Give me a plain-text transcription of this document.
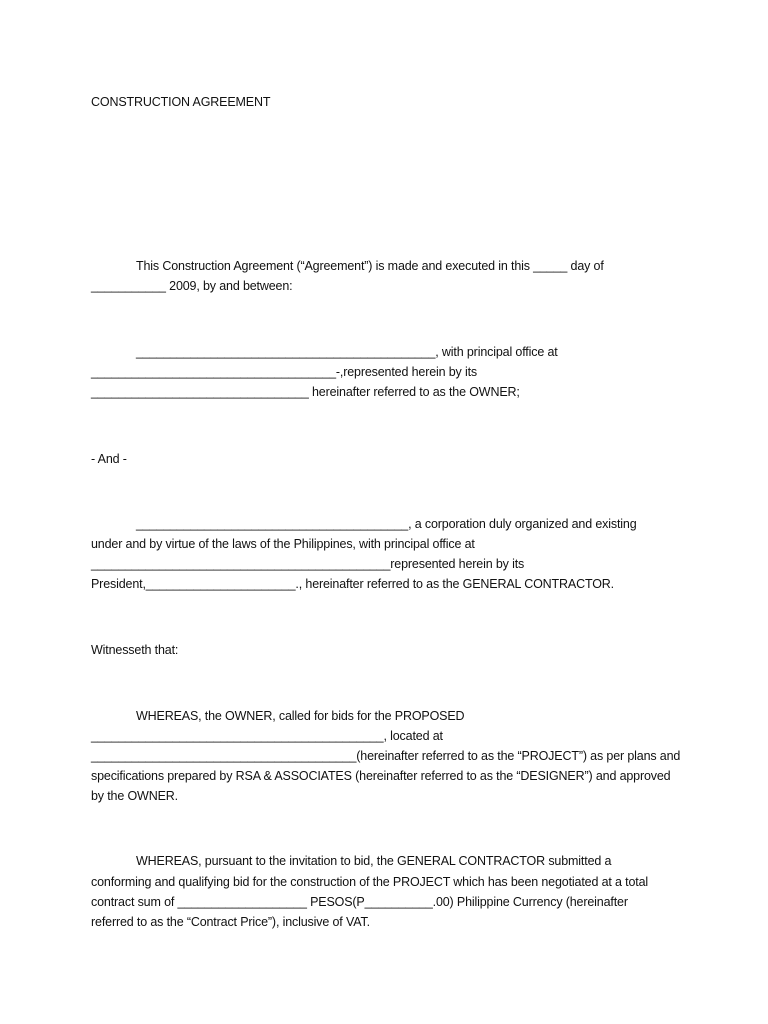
CONSTRUCTION AGREEMENT
This Construction Agreement (“Agreement”) is made and executed in this _____ day of
___________ 2009, by and between:
____________________________________________, with principal office at
____________________________________-,represented herein by its
________________________________ hereinafter referred to as the OWNER;
- And -
________________________________________, a corporation duly organized and existing
under and by virtue of the laws of the Philippines, with principal office at
____________________________________________represented herein by its
President,______________________., hereinafter referred to as the GENERAL CONTRACTOR.
Witnesseth that:
WHEREAS, the OWNER, called for bids for the PROPOSED
___________________________________________, located at
_______________________________________(hereinafter referred to as the “PROJECT”) as per plans and
specifications prepared by RSA & ASSOCIATES (hereinafter referred to as the “DESIGNER”) and approved
by the OWNER.
WHEREAS, pursuant to the invitation to bid, the GENERAL CONTRACTOR submitted a
conforming and qualifying bid for the construction of the PROJECT which has been negotiated at a total
contract sum of ___________________ PESOS(P__________.00) Philippine Currency (hereinafter
referred to as the “Contract Price”), inclusive of VAT.
